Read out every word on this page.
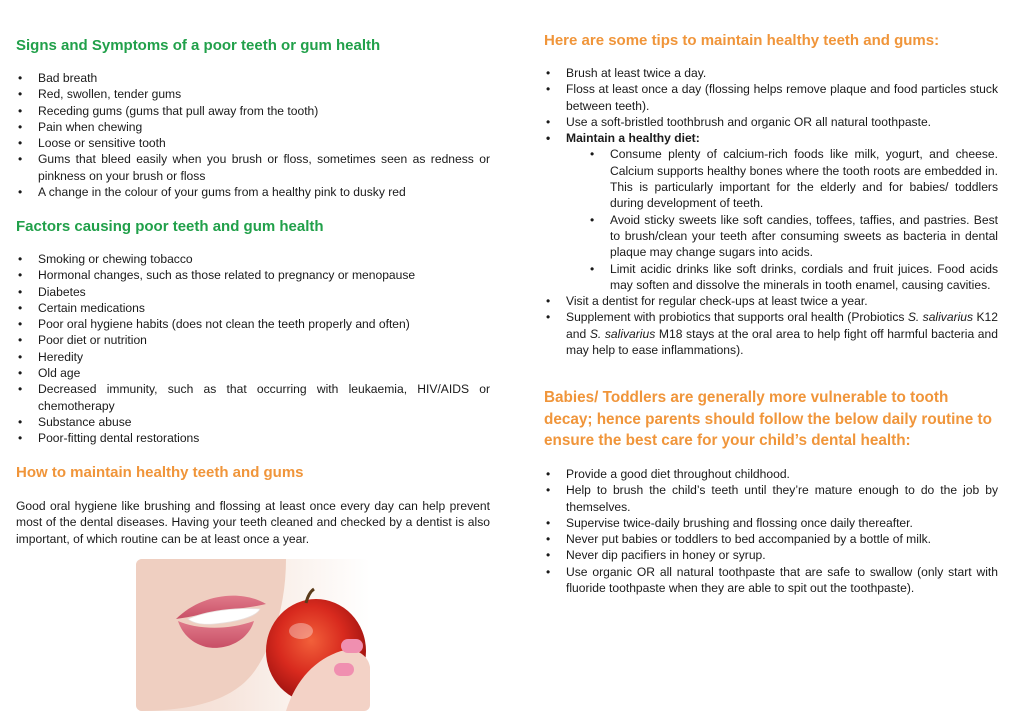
Signs and Symptoms of a poor teeth or gum health
• Bad breath
• Red, swollen, tender gums
• Receding gums (gums that pull away from the tooth)
• Pain when chewing
• Loose or sensitive tooth
• Gums that bleed easily when you brush or floss, sometimes seen as redness or pinkness on your brush or floss
• A change in the colour of your gums from a healthy pink to dusky red
Factors causing poor teeth and gum health
• Smoking or chewing tobacco
• Hormonal changes, such as those related to pregnancy or menopause
• Diabetes
• Certain medications
• Poor oral hygiene habits (does not clean the teeth properly and often)
• Poor diet or nutrition
• Heredity
• Old age
• Decreased immunity, such as that occurring with leukaemia, HIV/AIDS or chemotherapy
• Substance abuse
• Poor-fitting dental restorations
How to maintain healthy teeth and gums

Good oral hygiene like brushing and flossing at least once every day can help prevent most of the dental diseases. Having your teeth cleaned and checked by a dentist is also important, of which routine can be at least once a year.

Here are some tips to maintain healthy teeth and gums:
• Brush at least twice a day.
• Floss at least once a day (flossing helps remove plaque and food particles stuck between teeth).
• Use a soft-bristled toothbrush and organic OR all natural toothpaste.
• Maintain a healthy diet:
• Consume plenty of calcium-rich foods like milk, yogurt, and cheese. Calcium supports healthy bones where the tooth roots are embedded in. This is particularly important for the elderly and for babies/ toddlers during development of teeth.
• Avoid sticky sweets like soft candies, toffees, taffies, and pastries. Best to brush/clean your teeth after consuming sweets as bacteria in dental plaque may change sugars into acids.
• Limit acidic drinks like soft drinks, cordials and fruit juices. Food acids may soften and dissolve the minerals in tooth enamel, causing cavities.
• Visit a dentist for regular check-ups at least twice a year.
• Supplement with probiotics that supports oral health (Probiotics S. salivarius K12 and S. salivarius M18 stays at the oral area to help fight off harmful bacteria and may help to ease inflammations).
Babies/ Toddlers are generally more vulnerable to tooth decay; hence parents should follow the below daily routine to ensure the best care for your child’s dental health:
• Provide a good diet throughout childhood.
• Help to brush the child’s teeth until they’re mature enough to do the job by themselves.
• Supervise twice-daily brushing and flossing once daily thereafter.
• Never put babies or toddlers to bed accompanied by a bottle of milk.
• Never dip pacifiers in honey or syrup.
• Use organic OR all natural toothpaste that are safe to swallow (only start with fluoride toothpaste when they are able to spit out the toothpaste).
